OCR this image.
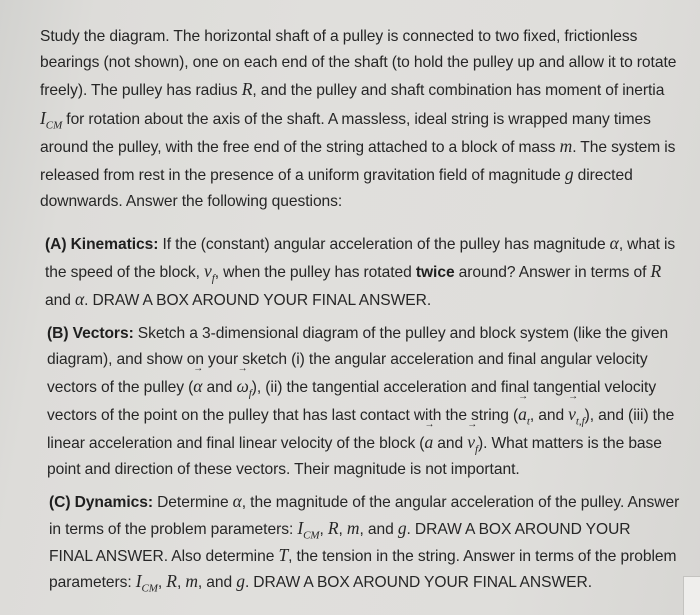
Study the diagram. The horizontal shaft of a pulley is connected to two fixed, frictionless
bearings (not shown), one on each end of the shaft (to hold the pulley up and allow it to rotate
freely). The pulley has radius R, and the pulley and shaft combination has moment of inertia
$I_{CM}$ for rotation about the axis of the shaft. A massless, ideal string is wrapped many times
around the pulley, with the free end of the string attached to a block of mass m. The system is
released from rest in the presence of a uniform gravitation field of magnitude g directed
downwards. Answer the following questions:
(A) Kinematics: If the (constant) angular acceleration of the pulley has magnitude α, what is
the speed of the block, $v_f$, when the pulley has rotated twice around? Answer in terms of R
and α. DRAW A BOX AROUND YOUR FINAL ANSWER.
(B) Vectors: Sketch a 3-dimensional diagram of the pulley and block system (like the given
diagram), and show on your sketch (i) the angular acceleration and final angular velocity
vectors of the pulley (→ α and → $\omega_f$), (ii) the tangential acceleration and final tangential velocity
vectors of the point on the pulley that has last contact with the string (→ $a_t$, and → $v_{t,f}$), and (iii) the
linear acceleration and final linear velocity of the block (→ a and → $v_f$). What matters is the base
point and direction of these vectors. Their magnitude is not important.
(C) Dynamics: Determine α, the magnitude of the angular acceleration of the pulley. Answer
in terms of the problem parameters: $I_{CM}$, R, m, and g. DRAW A BOX AROUND YOUR
FINAL ANSWER. Also determine T, the tension in the string. Answer in terms of the problem
parameters: $I_{CM}$, R, m, and g. DRAW A BOX AROUND YOUR FINAL ANSWER.
